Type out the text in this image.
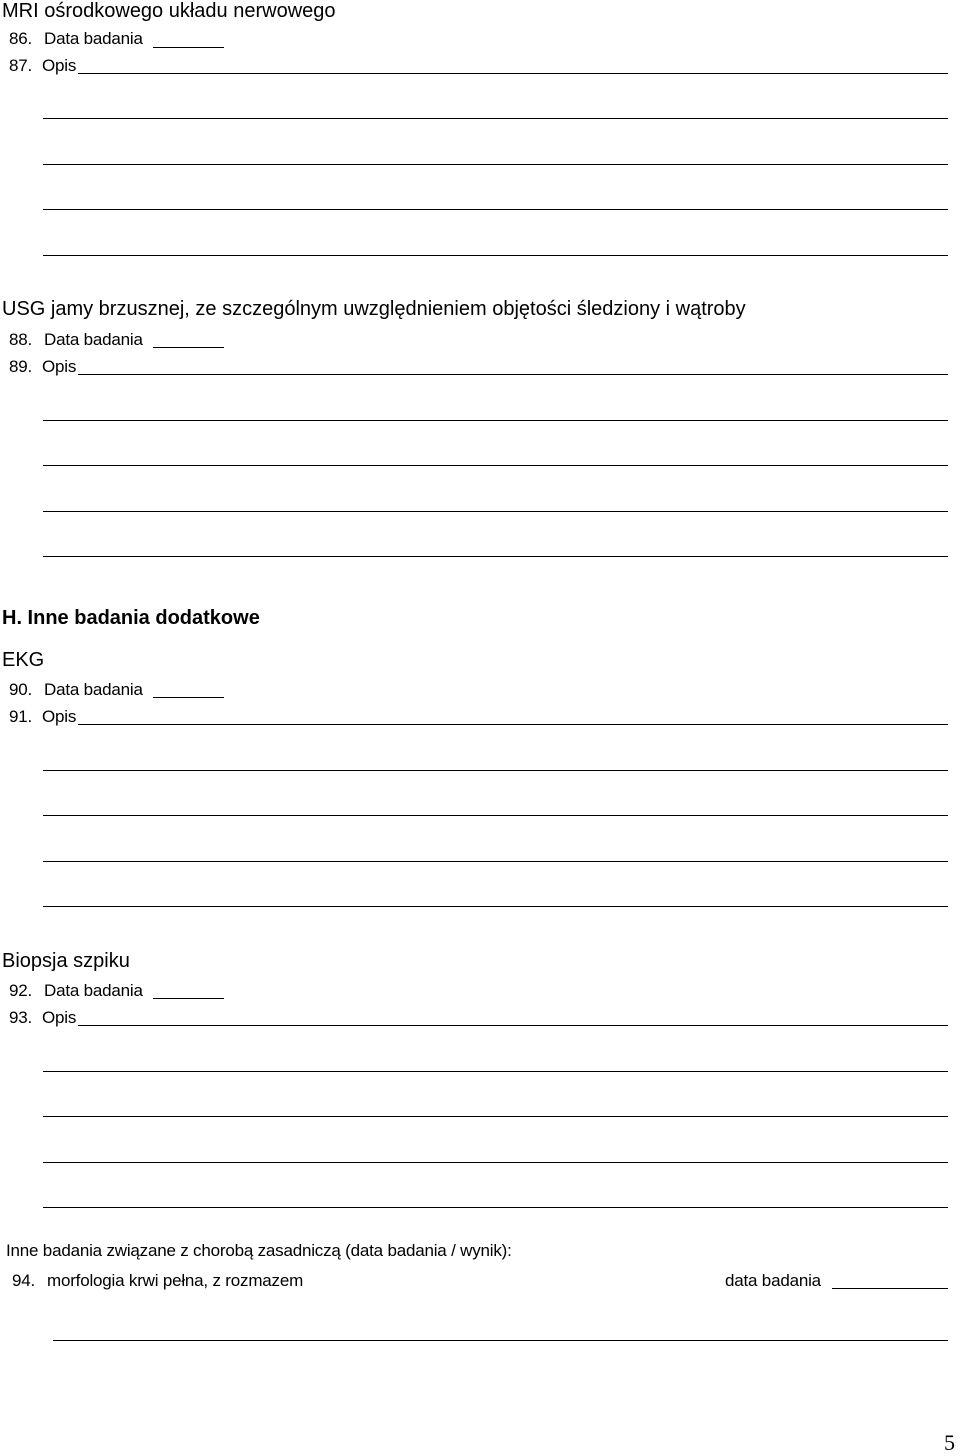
MRI ośrodkowego układu nerwowego
86. Data badania
87. Opis
USG jamy brzusznej, ze szczególnym uwzględnieniem objętości śledziony i wątroby
88. Data badania
89. Opis
H. Inne badania dodatkowe
EKG
90. Data badania
91. Opis
Biopsja szpiku
92. Data badania
93. Opis
Inne badania związane z chorobą zasadniczą (data badania / wynik):
94. morfologia krwi pełna, z rozmazem	data badania
5
